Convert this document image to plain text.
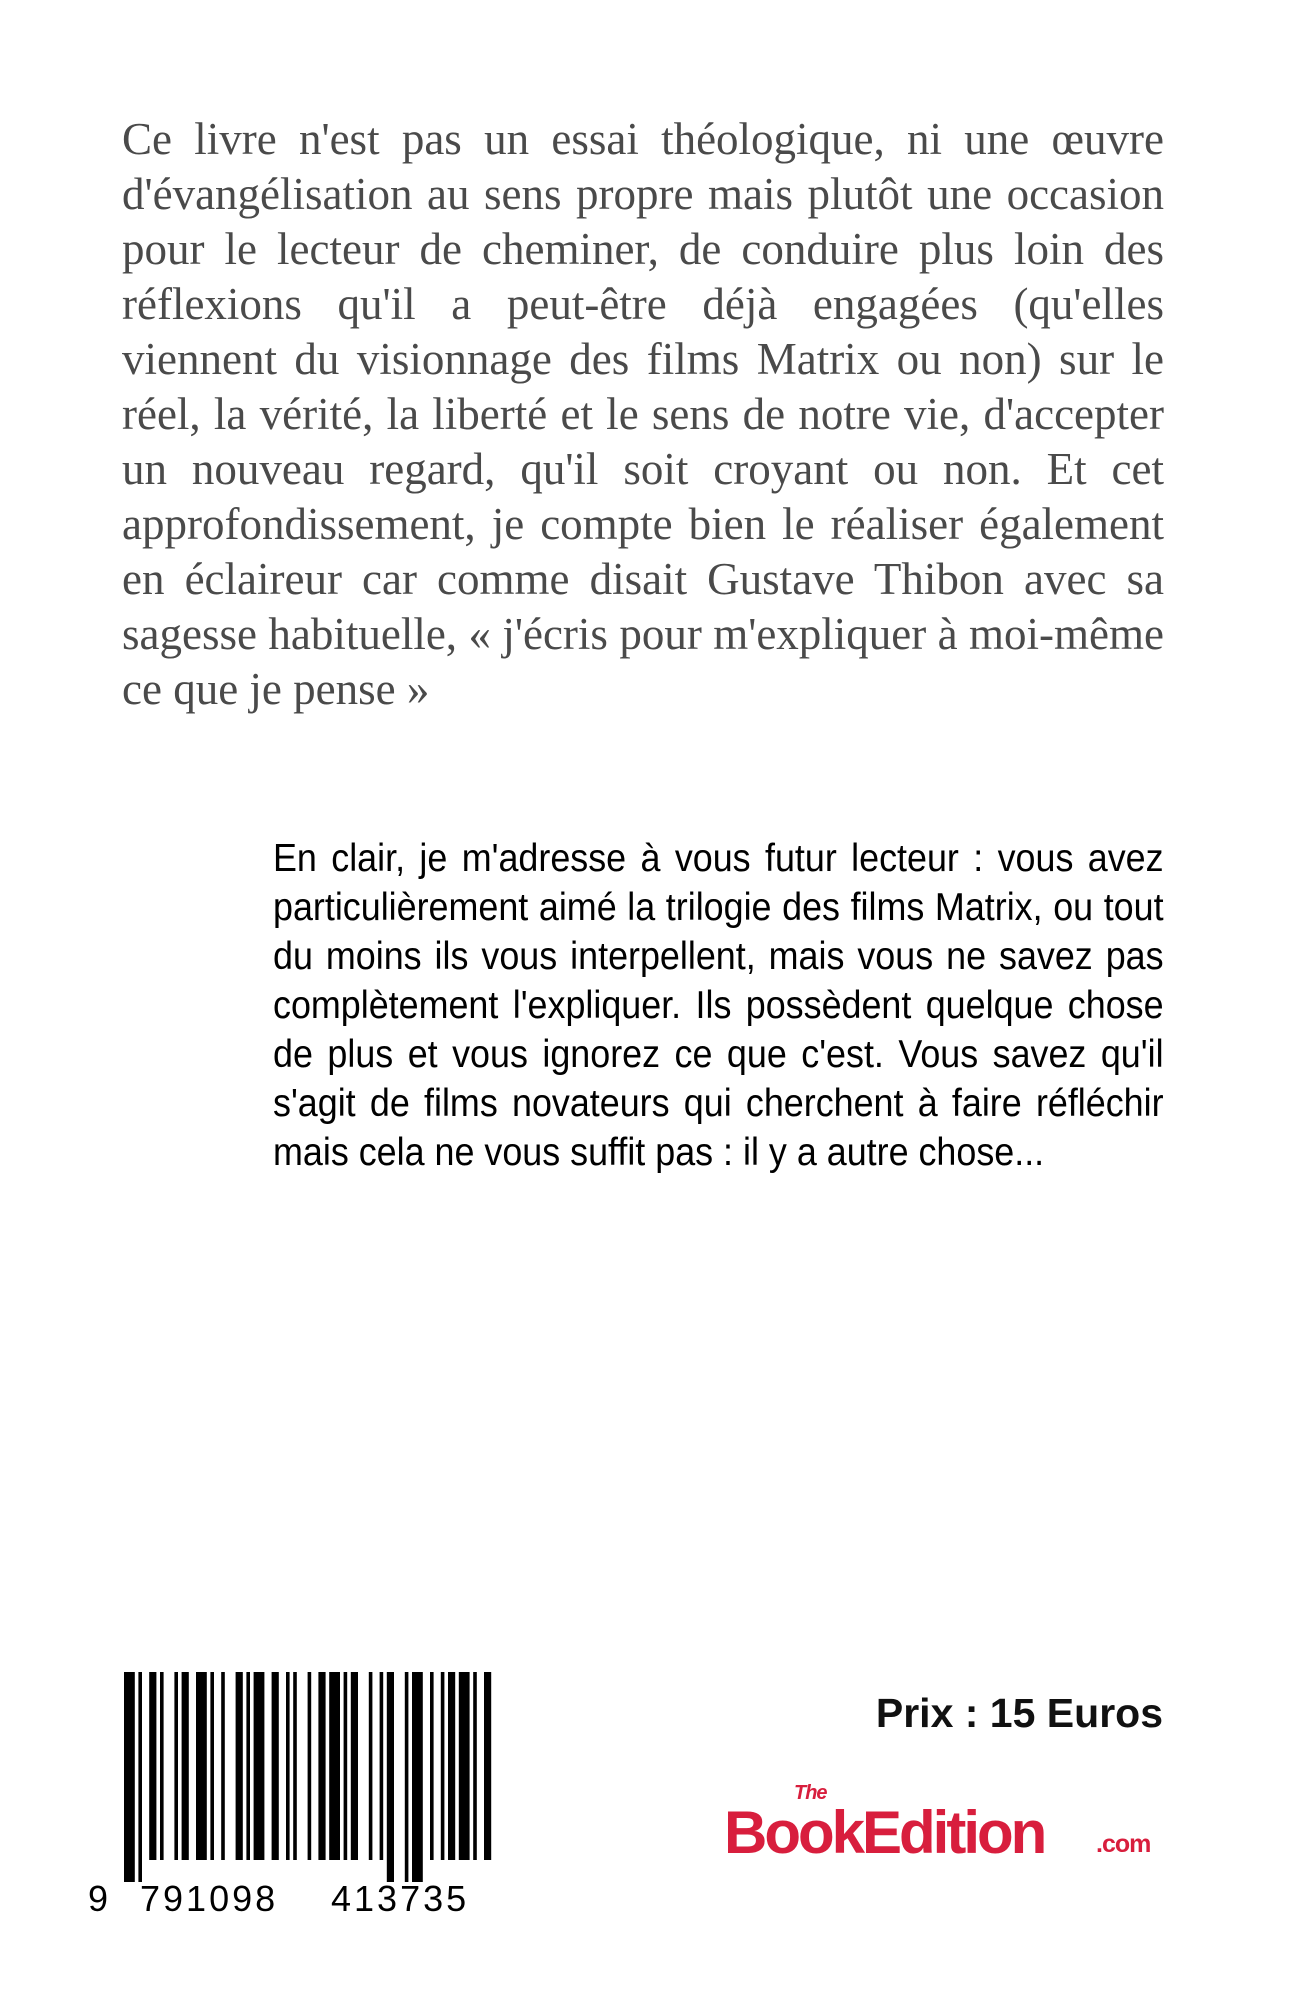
Ce livre n'est pas un essai théologique, ni une œuvre d'évangélisation au sens propre mais plutôt une occasion pour le lecteur de cheminer, de conduire plus loin des réflexions qu'il a peut-être déjà engagées (qu'elles viennent du visionnage des films Matrix ou non) sur le réel, la vérité, la liberté et le sens de notre vie, d'accepter un nouveau regard, qu'il soit croyant ou non. Et cet approfondissement, je compte bien le réaliser également en éclaireur car comme disait Gustave Thibon avec sa sagesse habituelle, « j'écris pour m'expliquer à moi-même ce que je pense »
En clair, je m'adresse à vous futur lecteur : vous avez particulièrement aimé la trilogie des films Matrix, ou tout du moins ils vous interpellent, mais vous ne savez pas complètement l'expliquer. Ils possèdent quelque chose de plus et vous ignorez ce que c'est. Vous savez qu'il s'agit de films novateurs qui cherchent à faire réfléchir mais cela ne vous suffit pas : il y a autre chose...
9 791098 413735
Prix : 15 Euros
The
BookEdition .com
